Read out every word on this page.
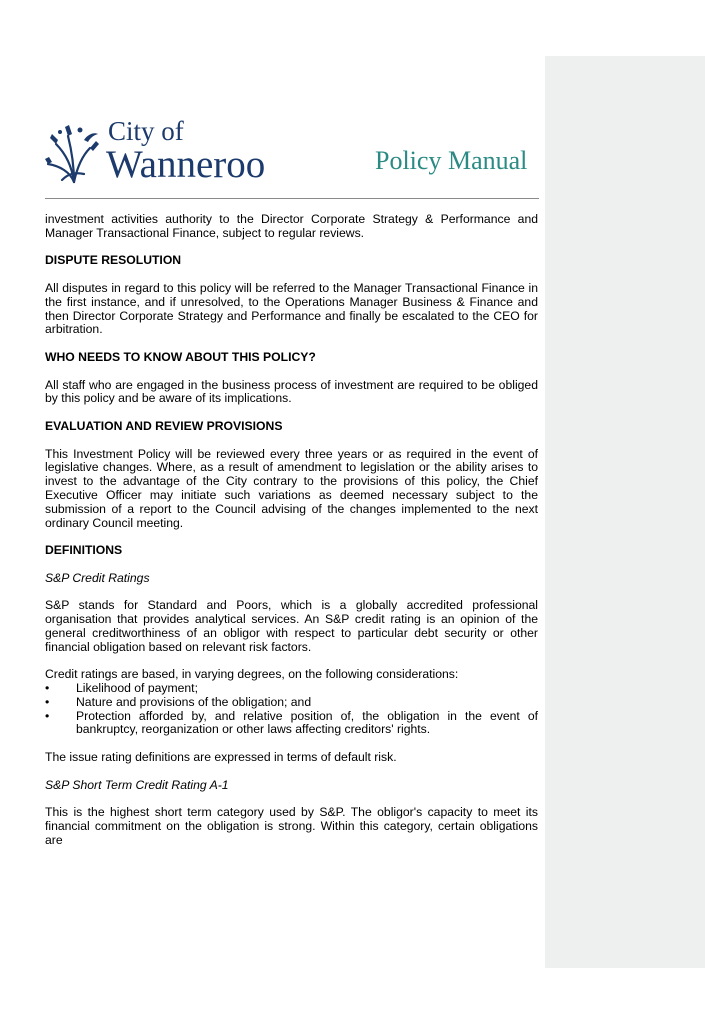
City of
Wanneroo	Policy Manual

investment activities authority to the Director Corporate Strategy & Performance and Manager Transactional Finance, subject to regular reviews.

DISPUTE RESOLUTION

All disputes in regard to this policy will be referred to the Manager Transactional Finance in the first instance, and if unresolved, to the Operations Manager Business & Finance and then Director Corporate Strategy and Performance and finally be escalated to the CEO for arbitration.

WHO NEEDS TO KNOW ABOUT THIS POLICY?

All staff who are engaged in the business process of investment are required to be obliged by this policy and be aware of its implications.

EVALUATION AND REVIEW PROVISIONS

This Investment Policy will be reviewed every three years or as required in the event of legislative changes. Where, as a result of amendment to legislation or the ability arises to invest to the advantage of the City contrary to the provisions of this policy, the Chief Executive Officer may initiate such variations as deemed necessary subject to the submission of a report to the Council advising of the changes implemented to the next ordinary Council meeting.

DEFINITIONS

S&P Credit Ratings

S&P stands for Standard and Poors, which is a globally accredited professional organisation that provides analytical services. An S&P credit rating is an opinion of the general creditworthiness of an obligor with respect to particular debt security or other financial obligation based on relevant risk factors.

Credit ratings are based, in varying degrees, on the following considerations:

• Likelihood of payment;
• Nature and provisions of the obligation; and
• Protection afforded by, and relative position of, the obligation in the event of bankruptcy, reorganization or other laws affecting creditors' rights.

The issue rating definitions are expressed in terms of default risk.

S&P Short Term Credit Rating A-1

This is the highest short term category used by S&P. The obligor's capacity to meet its financial commitment on the obligation is strong. Within this category, certain obligations are
